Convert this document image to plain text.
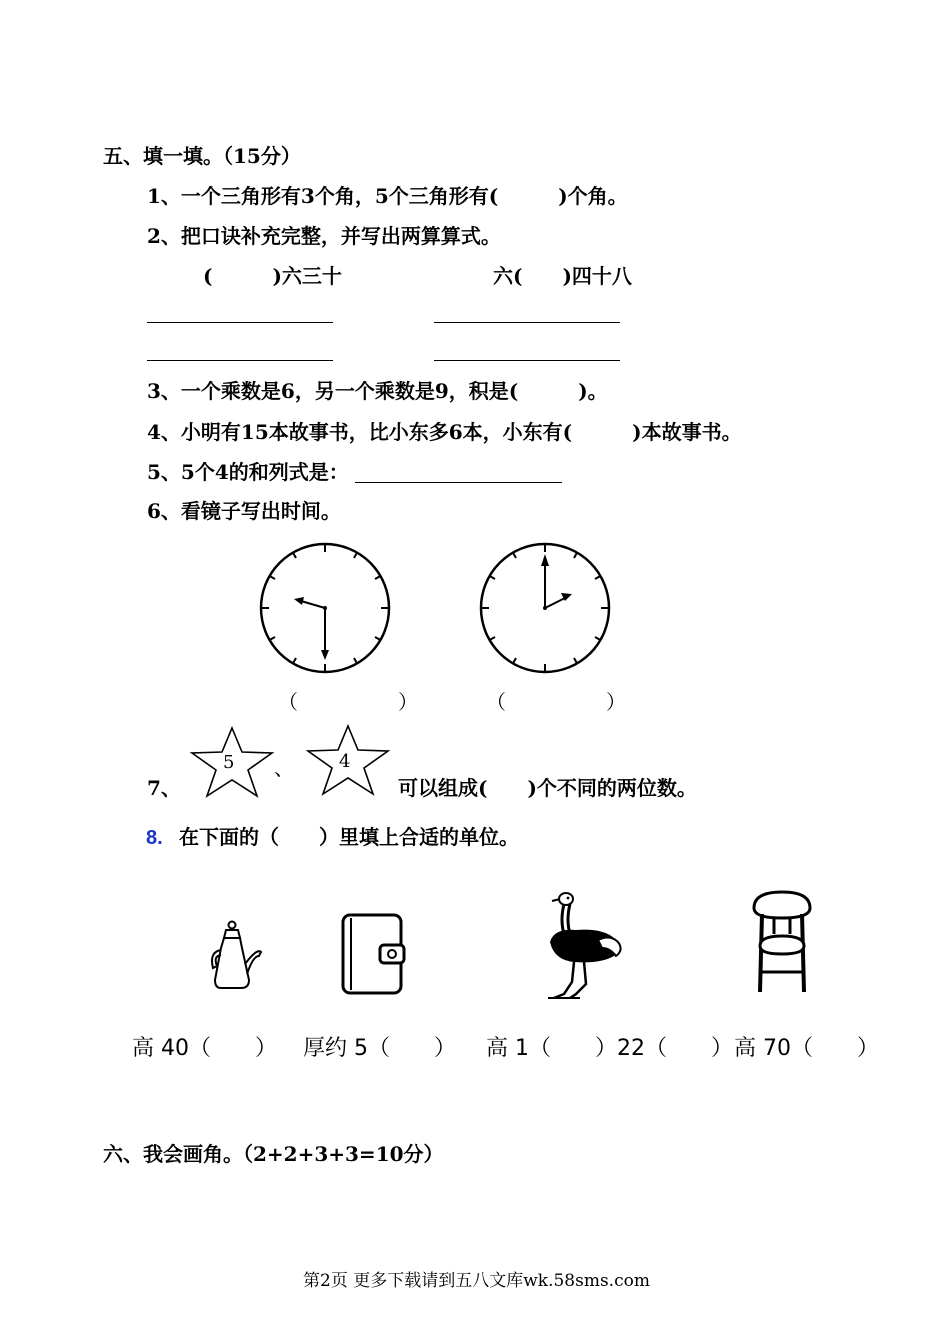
五、填一填。（15分）
1、一个三角形有3个角，5个三角形有(　　　)个角。
2、把口诀补充完整，并写出两算算式。
(　　　)六三十	六(　　)四十八
3、一个乘数是6，另一个乘数是9，积是(　　　)。
4、小明有15本故事书，比小东多6本，小东有(　　　)本故事书。
5、5个4的和列式是：
6、看镜子写出时间。
（　　　　　）	（　　　　　）
7、
5 、	4
可以组成(　　)个不同的两位数。
8. 在下面的（　　）里填上合适的单位。
高 40（　　） 厚约 5（　　） 高 1（　　）22（　　） 高 70（　　）
六、我会画角。（2+2+3+3=10分）
第2页 更多下载请到五八文库wk.58sms.com
